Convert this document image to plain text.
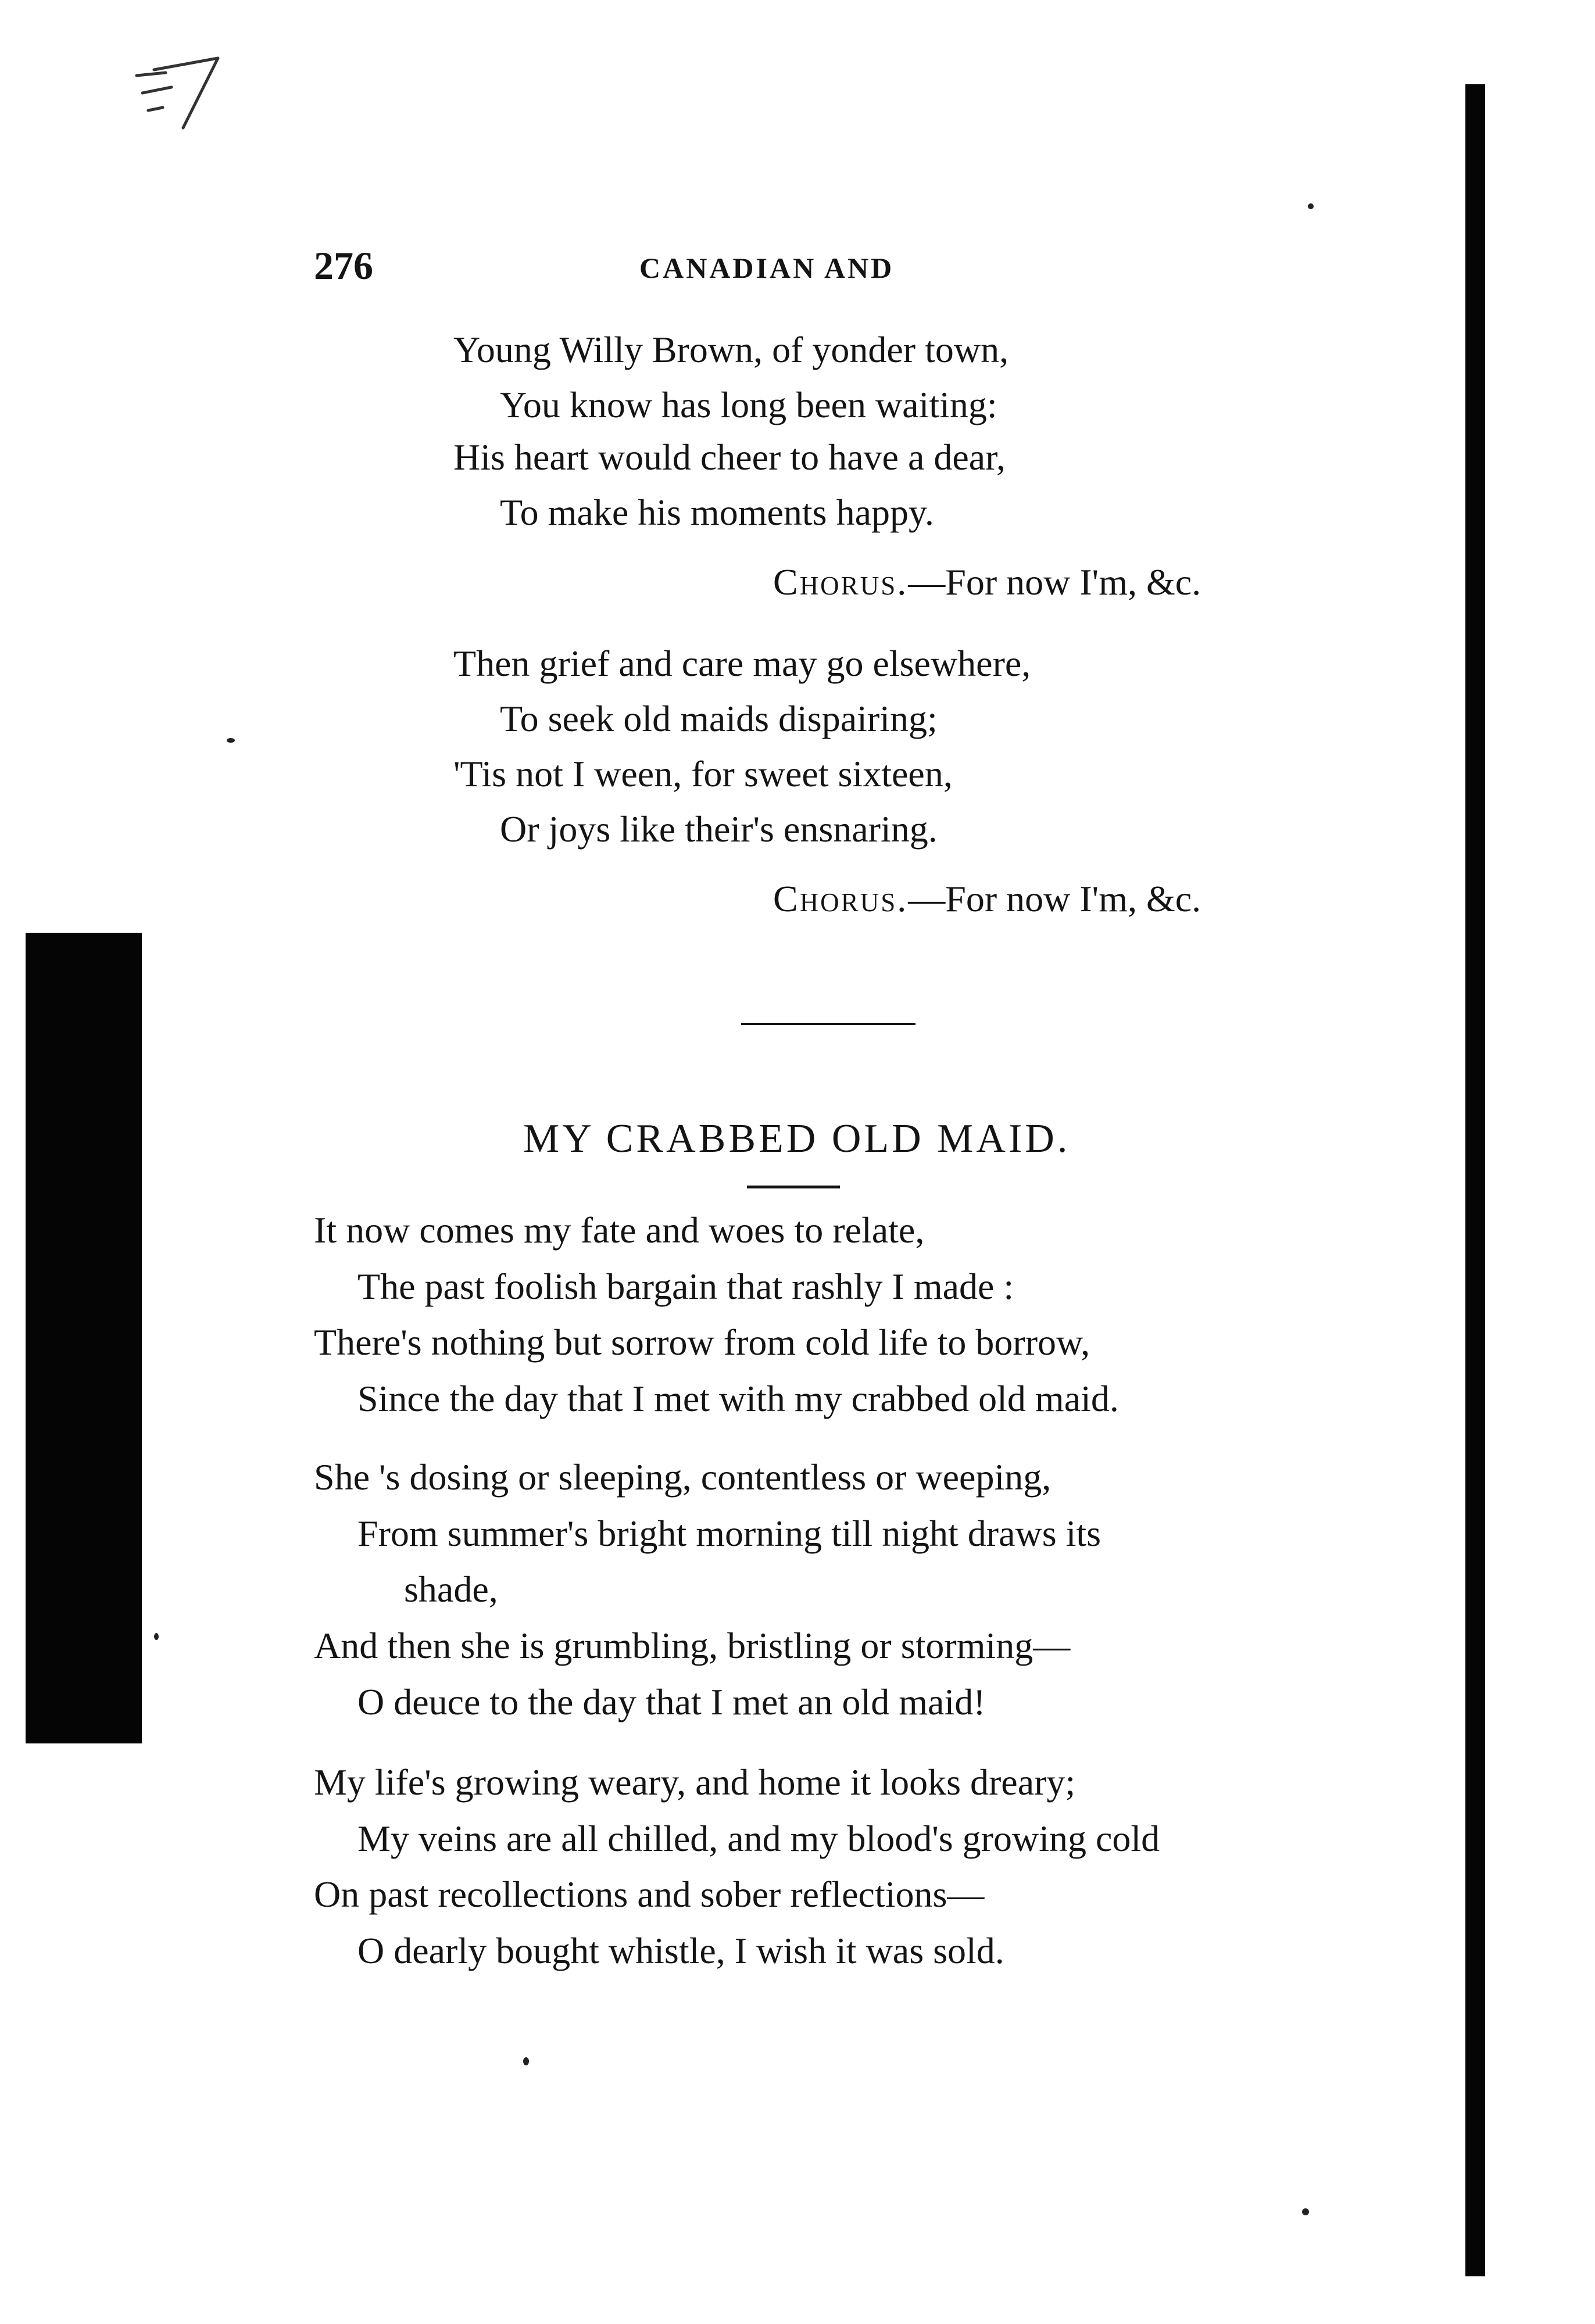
276	CANADIAN AND
Young Willy Brown, of yonder town,
You know has long been waiting:
His heart would cheer to have a dear,
To make his moments happy.
Chorus.—For now I'm, &c.
Then grief and care may go elsewhere,
To seek old maids dispairing;
'Tis not I ween, for sweet sixteen,
Or joys like their's ensnaring.
Chorus.—For now I'm, &c.
MY CRABBED OLD MAID.
It now comes my fate and woes to relate,
The past foolish bargain that rashly I made :
There's nothing but sorrow from cold life to borrow,
Since the day that I met with my crabbed old maid.
She 's dosing or sleeping, contentless or weeping,
From summer's bright morning till night draws its
shade,
And then she is grumbling, bristling or storming—
O deuce to the day that I met an old maid!
My life's growing weary, and home it looks dreary;
My veins are all chilled, and my blood's growing cold
On past recollections and sober reflections—
O dearly bought whistle, I wish it was sold.
